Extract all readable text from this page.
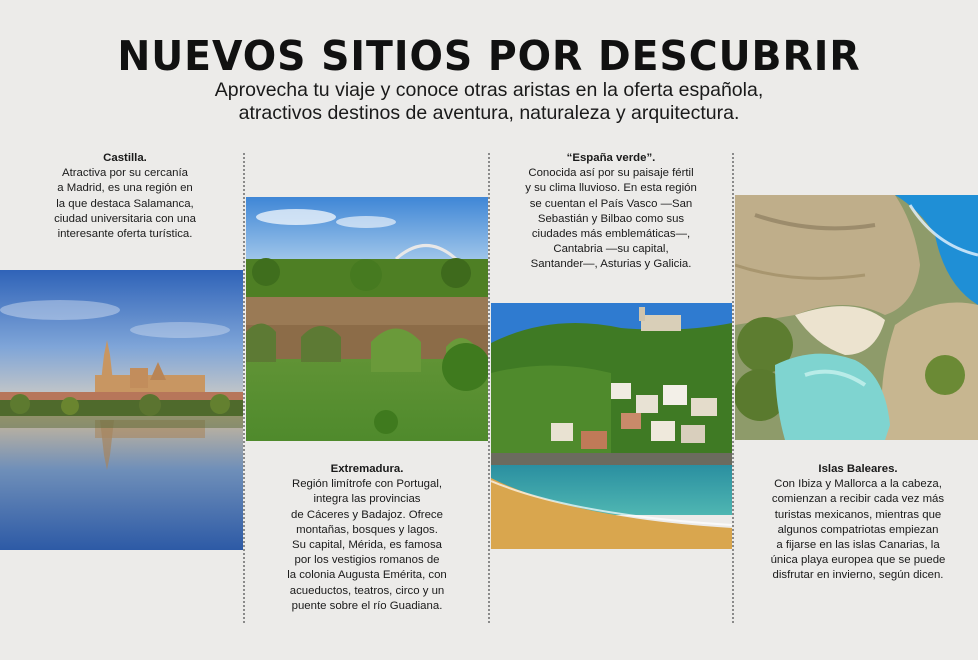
NUEVOS SITIOS POR DESCUBRIR
Aprovecha tu viaje y conoce otras aristas en la oferta española,
atractivos destinos de aventura, naturaleza y arquitectura.
Castilla.
Atractiva por su cercanía
a Madrid, es una región en
la que destaca Salamanca,
ciudad universitaria con una
interesante oferta turística.
Extremadura.
Región limítrofe con Portugal,
integra las provincias
de Cáceres y Badajoz. Ofrece
montañas, bosques y lagos.
Su capital, Mérida, es famosa
por los vestigios romanos de
la colonia Augusta Emérita, con
acueductos, teatros, circo y un
puente sobre el río Guadiana.
“España verde”.
Conocida así por su paisaje fértil
y su clima lluvioso. En esta región
se cuentan el País Vasco —San
Sebastián y Bilbao como sus
ciudades más emblemáticas—,
Cantabria —su capital,
Santander—, Asturias y Galicia.
Islas Baleares.
Con Ibiza y Mallorca a la cabeza,
comienzan a recibir cada vez más
turistas mexicanos, mientras que
algunos compatriotas empiezan
a fijarse en las islas Canarias, la
única playa europea que se puede
disfrutar en invierno, según dicen.
